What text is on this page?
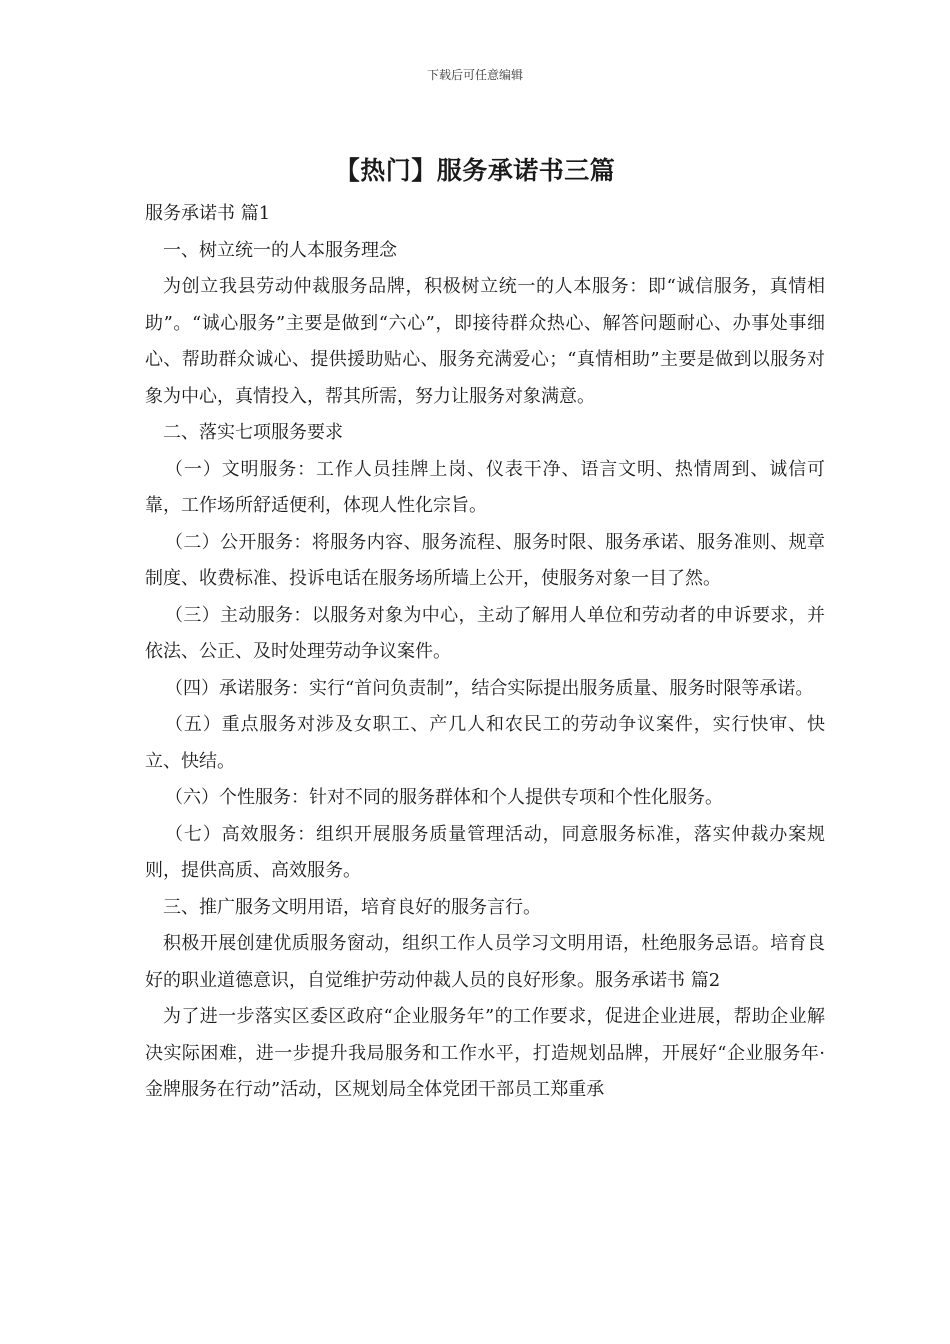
下载后可任意编辑
【热门】服务承诺书三篇

服务承诺书 篇1

一、树立统一的人本服务理念

为创立我县劳动仲裁服务品牌，积极树立统一的人本服务：即“诚信服务，真情相助”。“诚心服务”主要是做到“六心”，即接待群众热心、解答问题耐心、办事处事细心、帮助群众诚心、提供援助贴心、服务充满爱心；“真情相助”主要是做到以服务对象为中心，真情投入，帮其所需，努力让服务对象满意。

二、落实七项服务要求

（一）文明服务：工作人员挂牌上岗、仪表干净、语言文明、热情周到、诚信可靠，工作场所舒适便利，体现人性化宗旨。

（二）公开服务：将服务内容、服务流程、服务时限、服务承诺、服务准则、规章制度、收费标准、投诉电话在服务场所墙上公开，使服务对象一目了然。

（三）主动服务：以服务对象为中心，主动了解用人单位和劳动者的申诉要求，并依法、公正、及时处理劳动争议案件。

（四）承诺服务：实行“首问负责制”，结合实际提出服务质量、服务时限等承诺。

（五）重点服务对涉及女职工、产几人和农民工的劳动争议案件，实行快审、快立、快结。

（六）个性服务：针对不同的服务群体和个人提供专项和个性化服务。

（七）高效服务：组织开展服务质量管理活动，同意服务标准，落实仲裁办案规则，提供高质、高效服务。

三、推广服务文明用语，培育良好的服务言行。

积极开展创建优质服务窗动，组织工作人员学习文明用语，杜绝服务忌语。培育良好的职业道德意识，自觉维护劳动仲裁人员的良好形象。服务承诺书 篇2

为了进一步落实区委区政府“企业服务年”的工作要求，促进企业进展，帮助企业解决实际困难，进一步提升我局服务和工作水平，打造规划品牌，开展好“企业服务年·金牌服务在行动”活动，区规划局全体党团干部员工郑重承
